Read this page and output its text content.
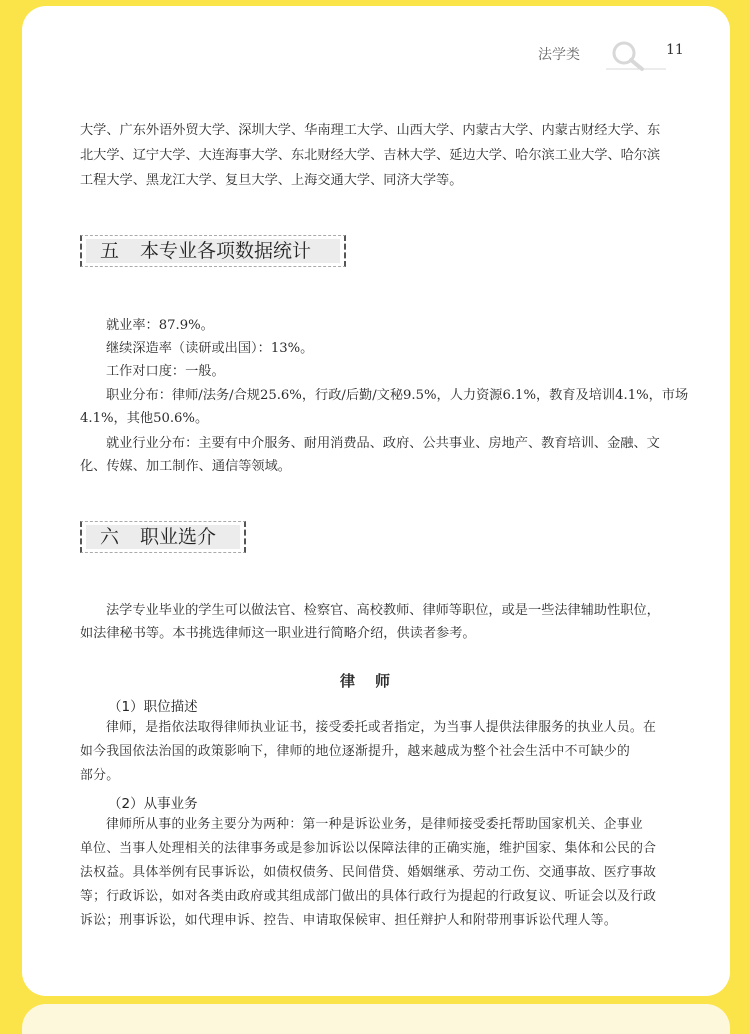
法学类	11

大学、广东外语外贸大学、深圳大学、华南理工大学、山西大学、内蒙古大学、内蒙古财经大学、东

北大学、辽宁大学、大连海事大学、东北财经大学、吉林大学、延边大学、哈尔滨工业大学、哈尔滨

工程大学、黑龙江大学、复旦大学、上海交通大学、同济大学等。

五 本专业各项数据统计

就业率：87.9%。

继续深造率（读研或出国）：13%。

工作对口度：一般。

职业分布：律师/法务/合规25.6%，行政/后勤/文秘9.5%，人力资源6.1%，教育及培训4.1%，市场

4.1%，其他50.6%。

就业行业分布：主要有中介服务、耐用消费品、政府、公共事业、房地产、教育培训、金融、文

化、传媒、加工制作、通信等领域。

六 职业选介

法学专业毕业的学生可以做法官、检察官、高校教师、律师等职位，或是一些法律辅助性职位，

如法律秘书等。本书挑选律师这一职业进行简略介绍，供读者参考。

律师
（1）职位描述

律师，是指依法取得律师执业证书，接受委托或者指定，为当事人提供法律服务的执业人员。在

如今我国依法治国的政策影响下，律师的地位逐渐提升，越来越成为整个社会生活中不可缺少的

部分。

（2）从事业务

律师所从事的业务主要分为两种：第一种是诉讼业务，是律师接受委托帮助国家机关、企事业

单位、当事人处理相关的法律事务或是参加诉讼以保障法律的正确实施，维护国家、集体和公民的合

法权益。具体举例有民事诉讼，如债权债务、民间借贷、婚姻继承、劳动工伤、交通事故、医疗事故

等；行政诉讼，如对各类由政府或其组成部门做出的具体行政行为提起的行政复议、听证会以及行政

诉讼；刑事诉讼，如代理申诉、控告、申请取保候审、担任辩护人和附带刑事诉讼代理人等。
